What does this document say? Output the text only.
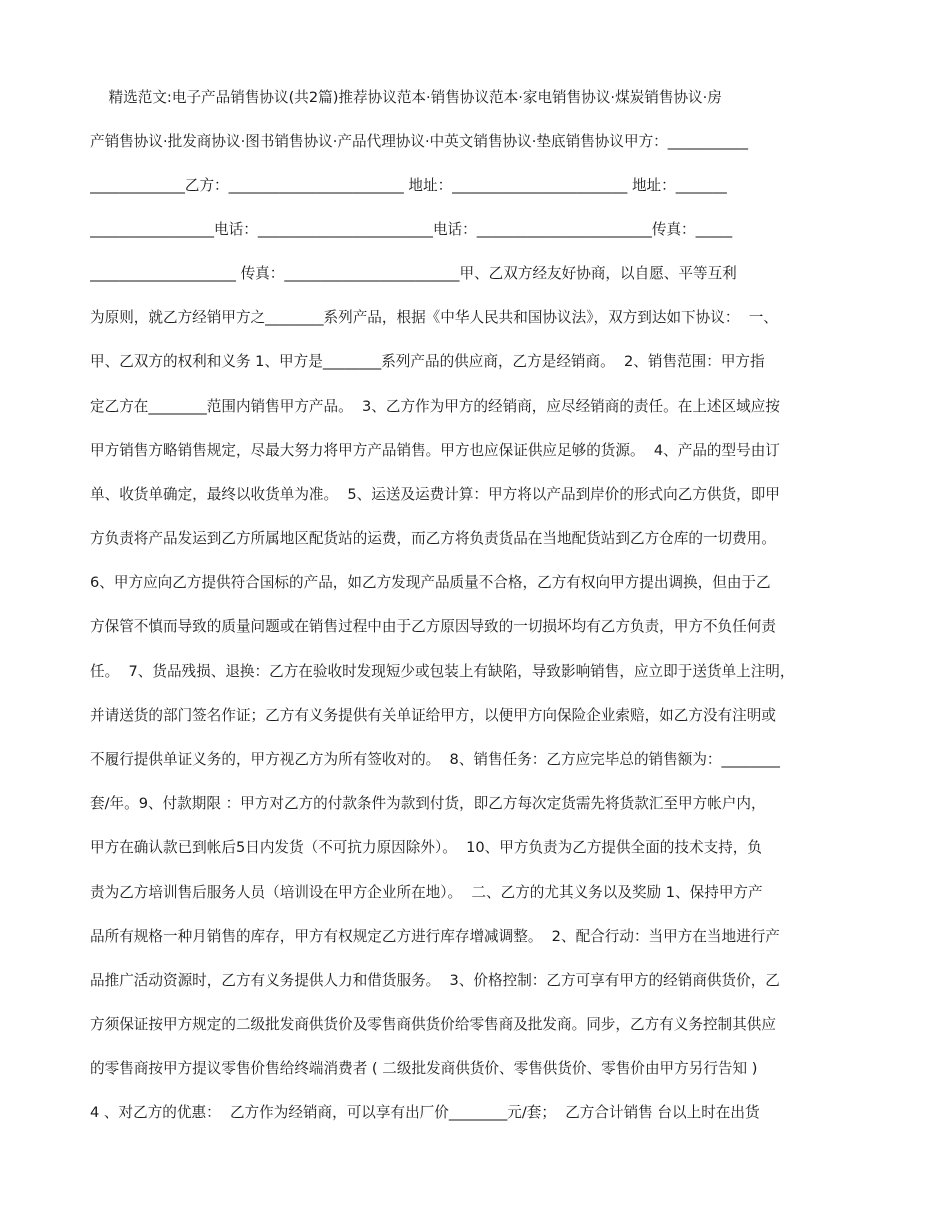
精选范文:电子产品销售协议(共2篇)推荐协议范本·销售协议范本·家电销售协议·煤炭销售协议·房
产销售协议·批发商协议·图书销售协议·产品代理协议·中英文销售协议·垫底销售协议甲方：___________
_____________乙方：________________________ 地址：________________________ 地址：_______
_________________电话：________________________电话：________________________传真：_____
____________________ 传真：________________________甲、乙双方经友好协商，以自愿、平等互利
为原则，就乙方经销甲方之________系列产品，根据《中华人民共和国协议法》，双方到达如下协议：  一、
甲、乙双方的权利和义务 1、甲方是________系列产品的供应商，乙方是经销商。  2、销售范围：甲方指
定乙方在________范围内销售甲方产品。  3、乙方作为甲方的经销商，应尽经销商的责任。在上述区域应按
甲方销售方略销售规定，尽最大努力将甲方产品销售。甲方也应保证供应足够的货源。  4、产品的型号由订
单、收货单确定，最终以收货单为准。  5、运送及运费计算：甲方将以产品到岸价的形式向乙方供货，即甲
方负责将产品发运到乙方所属地区配货站的运费，而乙方将负责货品在当地配货站到乙方仓库的一切费用。
6、甲方应向乙方提供符合国标的产品，如乙方发现产品质量不合格，乙方有权向甲方提出调换，但由于乙
方保管不慎而导致的质量问题或在销售过程中由于乙方原因导致的一切损坏均有乙方负责，甲方不负任何责
任。  7、货品残损、退换：乙方在验收时发现短少或包装上有缺陷，导致影响销售，应立即于送货单上注明，
并请送货的部门签名作证；乙方有义务提供有关单证给甲方，以便甲方向保险企业索赔，如乙方没有注明或
不履行提供单证义务的，甲方视乙方为所有签收对的。  8、销售任务：乙方应完毕总的销售额为：________
套/年。9、付款期限 ：甲方对乙方的付款条件为款到付货，即乙方每次定货需先将货款汇至甲方帐户内，
甲方在确认款已到帐后5日内发货（不可抗力原因除外）。  10、甲方负责为乙方提供全面的技术支持，负
责为乙方培训售后服务人员（培训设在甲方企业所在地）。  二、乙方的尤其义务以及奖励 1、保持甲方产
品所有规格一种月销售的库存，甲方有权规定乙方进行库存增减调整。  2、配合行动：当甲方在当地进行产
品推广活动资源时，乙方有义务提供人力和借货服务。  3、价格控制：乙方可享有甲方的经销商供货价，乙
方须保证按甲方规定的二级批发商供货价及零售商供货价给零售商及批发商。同步，乙方有义务控制其供应
的零售商按甲方提议零售价售给终端消费者 ( 二级批发商供货价、零售供货价、零售价由甲方另行告知 )
4 、对乙方的优惠：  乙方作为经销商，可以享有出厂价________元/套；  乙方合计销售 台以上时在出货
